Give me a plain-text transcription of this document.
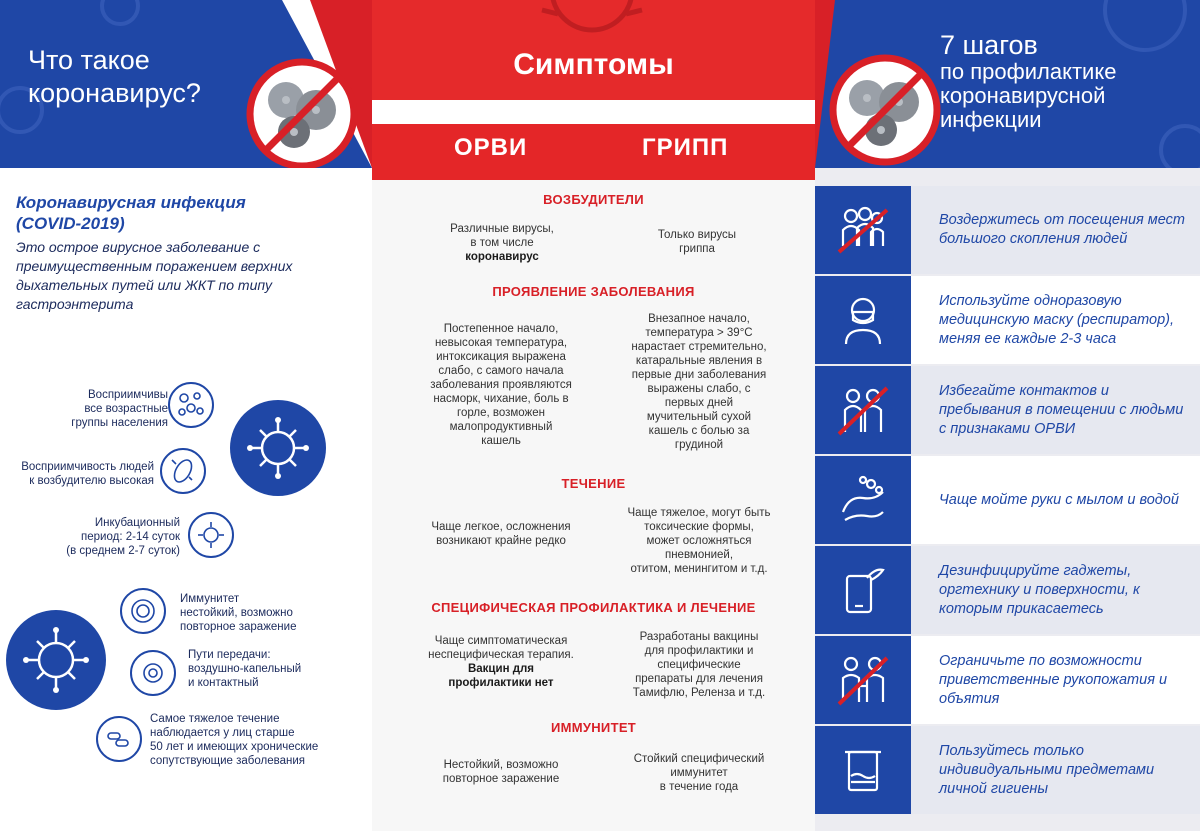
Что такое
коронавирус?
Коронавирусная инфекция
(COVID-2019)
Это острое вирусное заболевание с преимущественным поражением верхних дыхательных путей или ЖКТ по типу гастроэнтерита
Восприимчивы
все возрастные
группы населения
Восприимчивость людей
к возбудителю высокая
Инкубационный
период: 2-14 суток
(в среднем 2-7 суток)
Иммунитет
нестойкий, возможно
повторное заражение
Пути передачи:
воздушно-капельный
и контактный
Самое тяжелое течение
наблюдается у лиц старше
50 лет и имеющих хронические
сопутствующие заболевания
Симптомы
ОРВИ	ГРИПП
ВОЗБУДИТЕЛИ
Различные вирусы,
в том числе
коронавирус
Только вирусы
гриппа
ПРОЯВЛЕНИЕ ЗАБОЛЕВАНИЯ
Постепенное начало,
невысокая температура,
интоксикация выражена
слабо, с самого начала
заболевания проявляются
насморк, чихание, боль в
горле, возможен
малопродуктивный
кашель
Внезапное начало,
температура > 39°С
нарастает стремительно,
катаральные явления в
первые дни заболевания
выражены слабо, с
первых дней
мучительный сухой
кашель с болью за
грудиной
ТЕЧЕНИЕ
Чаще легкое, осложнения
возникают крайне редко
Чаще тяжелое, могут быть
токсические формы,
может осложняться
пневмонией,
отитом, менингитом и т.д.
СПЕЦИФИЧЕСКАЯ ПРОФИЛАКТИКА И ЛЕЧЕНИЕ
Чаще симптоматическая
неспецифическая терапия.
Вакцин для
профилактики нет
Разработаны вакцины
для профилактики и
специфические
препараты для лечения
Тамифлю, Реленза и т.д.
ИММУНИТЕТ
Нестойкий, возможно
повторное заражение
Стойкий специфический
иммунитет
в течение года
7 шагов
по профилактике
коронавирусной
инфекции
Воздержитесь от посещения мест большого скопления людей
Используйте одноразовую медицинскую маску (респиратор), меняя ее каждые 2-3 часа
Избегайте контактов и пребывания в помещении с людьми с признаками ОРВИ
Чаще мойте руки с мылом и водой
Дезинфицируйте гаджеты, оргтехнику и поверхности, к которым прикасаетесь
Ограничьте по возможности приветственные рукопожатия и объятия
Пользуйтесь только индивидуальными предметами личной гигиены
